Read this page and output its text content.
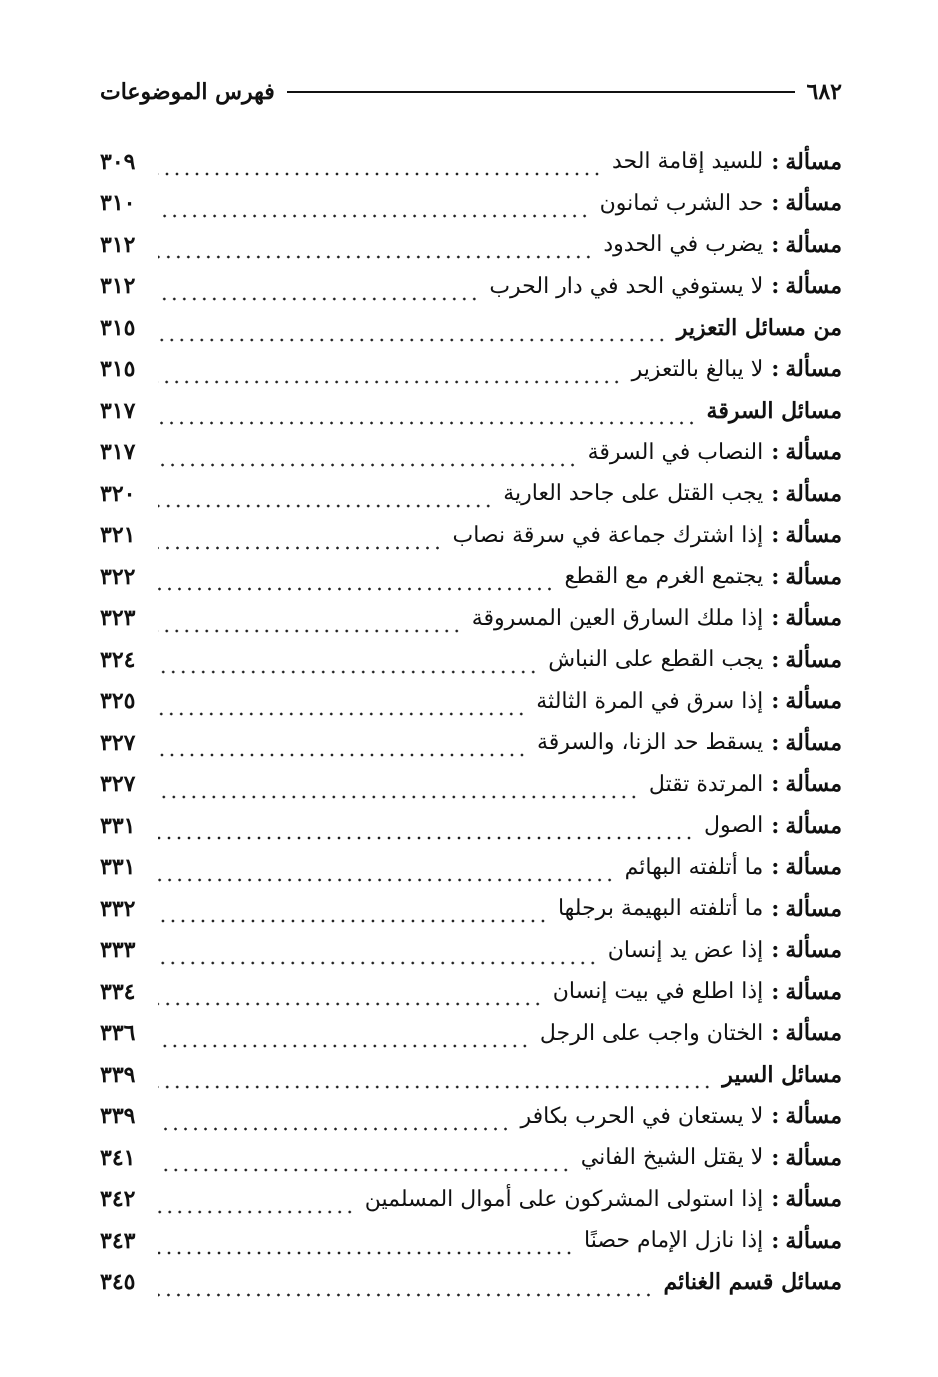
٦٨٢
فهرس الموضوعات
مسألة
:
للسيد إقامة الحد
٣٠٩
مسألة
:
حد الشرب ثمانون
٣١٠
مسألة
:
يضرب في الحدود
٣١٢
مسألة
:
لا يستوفي الحد في دار الحرب
٣١٢
من مسائل التعزير
٣١٥
مسألة
:
لا يبالغ بالتعزير
٣١٥
مسائل السرقة
٣١٧
مسألة
:
النصاب في السرقة
٣١٧
مسألة
:
يجب القتل على جاحد العارية
٣٢٠
مسألة
:
إذا اشترك جماعة في سرقة نصاب
٣٢١
مسألة
:
يجتمع الغرم مع القطع
٣٢٢
مسألة
:
إذا ملك السارق العين المسروقة
٣٢٣
مسألة
:
يجب القطع على النباش
٣٢٤
مسألة
:
إذا سرق في المرة الثالثة
٣٢٥
مسألة
:
يسقط حد الزنا، والسرقة
٣٢٧
مسألة
:
المرتدة تقتل
٣٢٧
مسألة
:
الصول
٣٣١
مسألة
:
ما أتلفته البهائم
٣٣١
مسألة
:
ما أتلفته البهيمة برجلها
٣٣٢
مسألة
:
إذا عض يد إنسان
٣٣٣
مسألة
:
إذا اطلع في بيت إنسان
٣٣٤
مسألة
:
الختان واجب على الرجل
٣٣٦
مسائل السير
٣٣٩
مسألة
:
لا يستعان في الحرب بكافر
٣٣٩
مسألة
:
لا يقتل الشيخ الفاني
٣٤١
مسألة
:
إذا استولى المشركون على أموال المسلمين
٣٤٢
مسألة
:
إذا نازل الإمام حصنًا
٣٤٣
مسائل قسم الغنائم
٣٤٥
